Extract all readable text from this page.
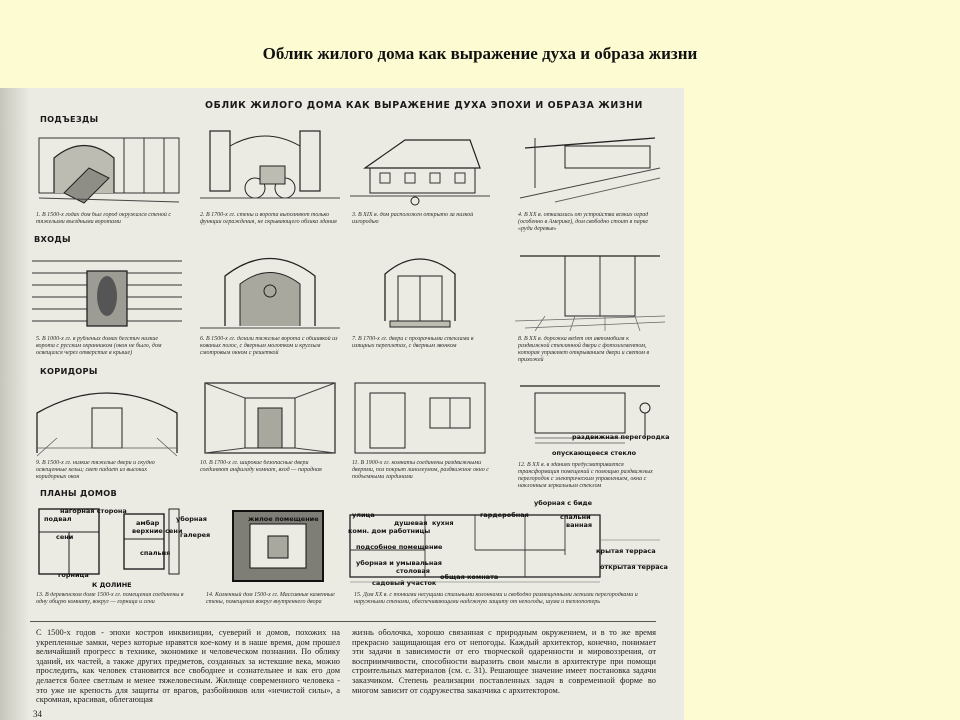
Облик жилого дома как выражение духа и образа жизни
ОБЛИК ЖИЛОГО ДОМА КАК ВЫРАЖЕНИЕ ДУХА ЭПОХИ И ОБРАЗА ЖИЗНИ
ПОДЪЕЗДЫ
ВХОДЫ
КОРИДОРЫ
ПЛАНЫ ДОМОВ
1. В 1500-х годах дом был город окружался стеной с тяжелыми въездными воротами
2. В 1700-х гг. стены и ворота выполняют только функции ограждения, не скрывающего облика здания
3. В XIX в. дом расположен открыто за низкой изгородью
4. В XX в. отказались от устройства всяких оград (особенно в Америке), дом свободно стоит в парке «руди деревья»
5. В 1000-х гг. в рубленых домах бегстич низкие ворота с русским охранником (окон не было, дом освещался через отверстие в крыше)
6. В 1500-х гг. делали тяжелые ворота с обшивкой из кованых полос, с дверным молотком и круглым смотровым окном с решеткой
7. В 1700-х гг. двери с прозрачными стеклами в изящных переплетах, с дверным звонком
8. В XX в. дорожка ведет от автомобиля к раздвижной стеклянной двери с фотоэлементом, которая управляет открыванием двери и светом в прихожей
раздвижная перегородка
опускающееся стекло
9. В 1500-х гг. низкие тяжелые двери и скудно освещенные кельи; свет падает из высоких коридорных окон
10. В 1700-х гг. широкие безопасные двери соединяют анфиладу комнат, вход — парадная
11. В 1900-х гг. комнаты соединены раздвижными дверями, пол покрыт линолеумом, раздвижное окно с подъемными гардинами
12. В XX в. в зданиях предусматривается трансформация помещений с помощью раздвижных перегородок с электрическим управлением, окна с наклонным зеркальным стеклом
нагорная сторона
подвал
сени
горница
К ДОЛИНЕ
амбар
верхние сени
спальня
уборная
галерея
жилое помещение
уборная с биде
улица
душевая кухня
гардеробная	спальни
ванная
комн. дом работницы
подсобное помещение
уборная и умывальная
столовая
общая комната
садовый участок
крытая терраса
открытая терраса
13. В деревенском доме 1500-х гг. помещения соединены в одну общую комнату, вокруг — горница и сени
14. Каменный дом 1500-х гг. Массивные каменные стены, помещения вокруг внутреннего двора
15. Дом XX в. с тонкими несущими стальными колоннами и свободно размещенными легкими перегородками и наружными стенами, обеспечивающими надежную защиту от непогоды, шума и теплопотерь
С 1500-х годов - эпохи костров инквизиции, суеверий и домов, похожих на укрепленные замки, через которые нравятся кое-кому и в наше время, дом прошел величайший прогресс в технике, экономике и человеческом познании. По облику зданий, их частей, а также других предметов, созданных за истекшие века, можно проследить, как человек становится все свободнее и сознательнее и как его дом делается более светлым и менее тяжеловесным. Жилище современного человека - это уже не крепость для защиты от врагов, разбойников или «нечистой силы», а скромная, красивая, облегающая
жизнь оболочка, хорошо связанная с природным окружением, и в то же время прекрасно защищающая его от непогоды. Каждый архитектор, конечно, понимает эти задачи в зависимости от его творческой одаренности и мировоззрения, от восприимчивости, способности выразить свои мысли в архитектуре при помощи строительных материалов (см. с. 31). Решающее значение имеет постановка задачи заказчиком. Степень реализации поставленных задач в современной форме во многом зависит от содружества заказчика с архитектором.
34
